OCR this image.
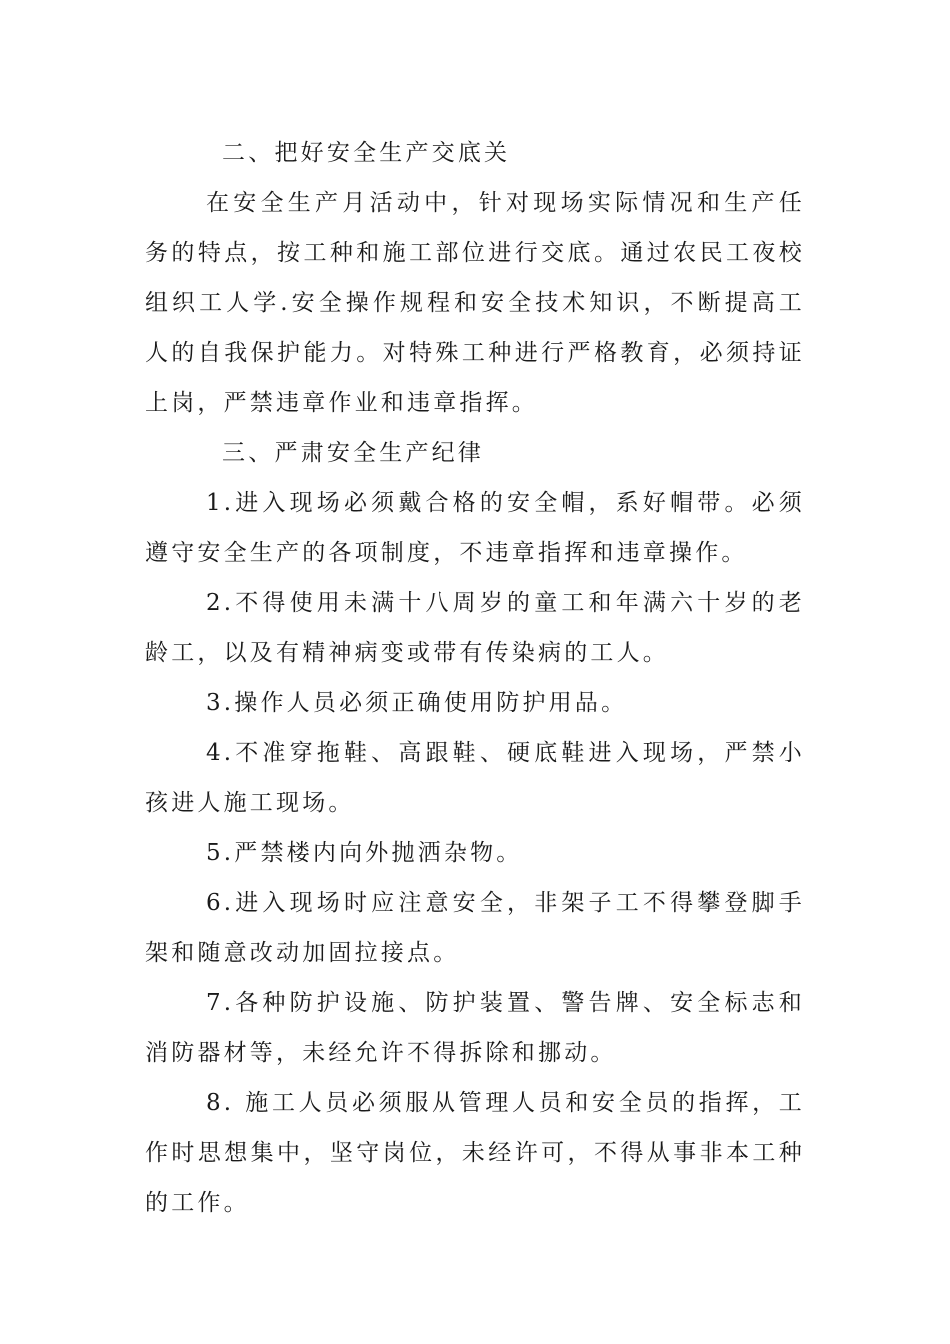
二、把好安全生产交底关

在安全生产月活动中，针对现场实际情况和生产任务的特点，按工种和施工部位进行交底。通过农民工夜校组织工人学.安全操作规程和安全技术知识，不断提高工人的自我保护能力。对特殊工种进行严格教育，必须持证上岗，严禁违章作业和违章指挥。

三、严肃安全生产纪律

1.进入现场必须戴合格的安全帽，系好帽带。必须遵守安全生产的各项制度，不违章指挥和违章操作。

2.不得使用未满十八周岁的童工和年满六十岁的老龄工，以及有精神病变或带有传染病的工人。

3.操作人员必须正确使用防护用品。

4.不准穿拖鞋、高跟鞋、硬底鞋进入现场，严禁小孩进人施工现场。

5.严禁楼内向外抛洒杂物。

6.进入现场时应注意安全，非架子工不得攀登脚手架和随意改动加固拉接点。

7.各种防护设施、防护装置、警告牌、安全标志和消防器材等，未经允许不得拆除和挪动。

8. 施工人员必须服从管理人员和安全员的指挥，工作时思想集中，坚守岗位，未经许可，不得从事非本工种的工作。
